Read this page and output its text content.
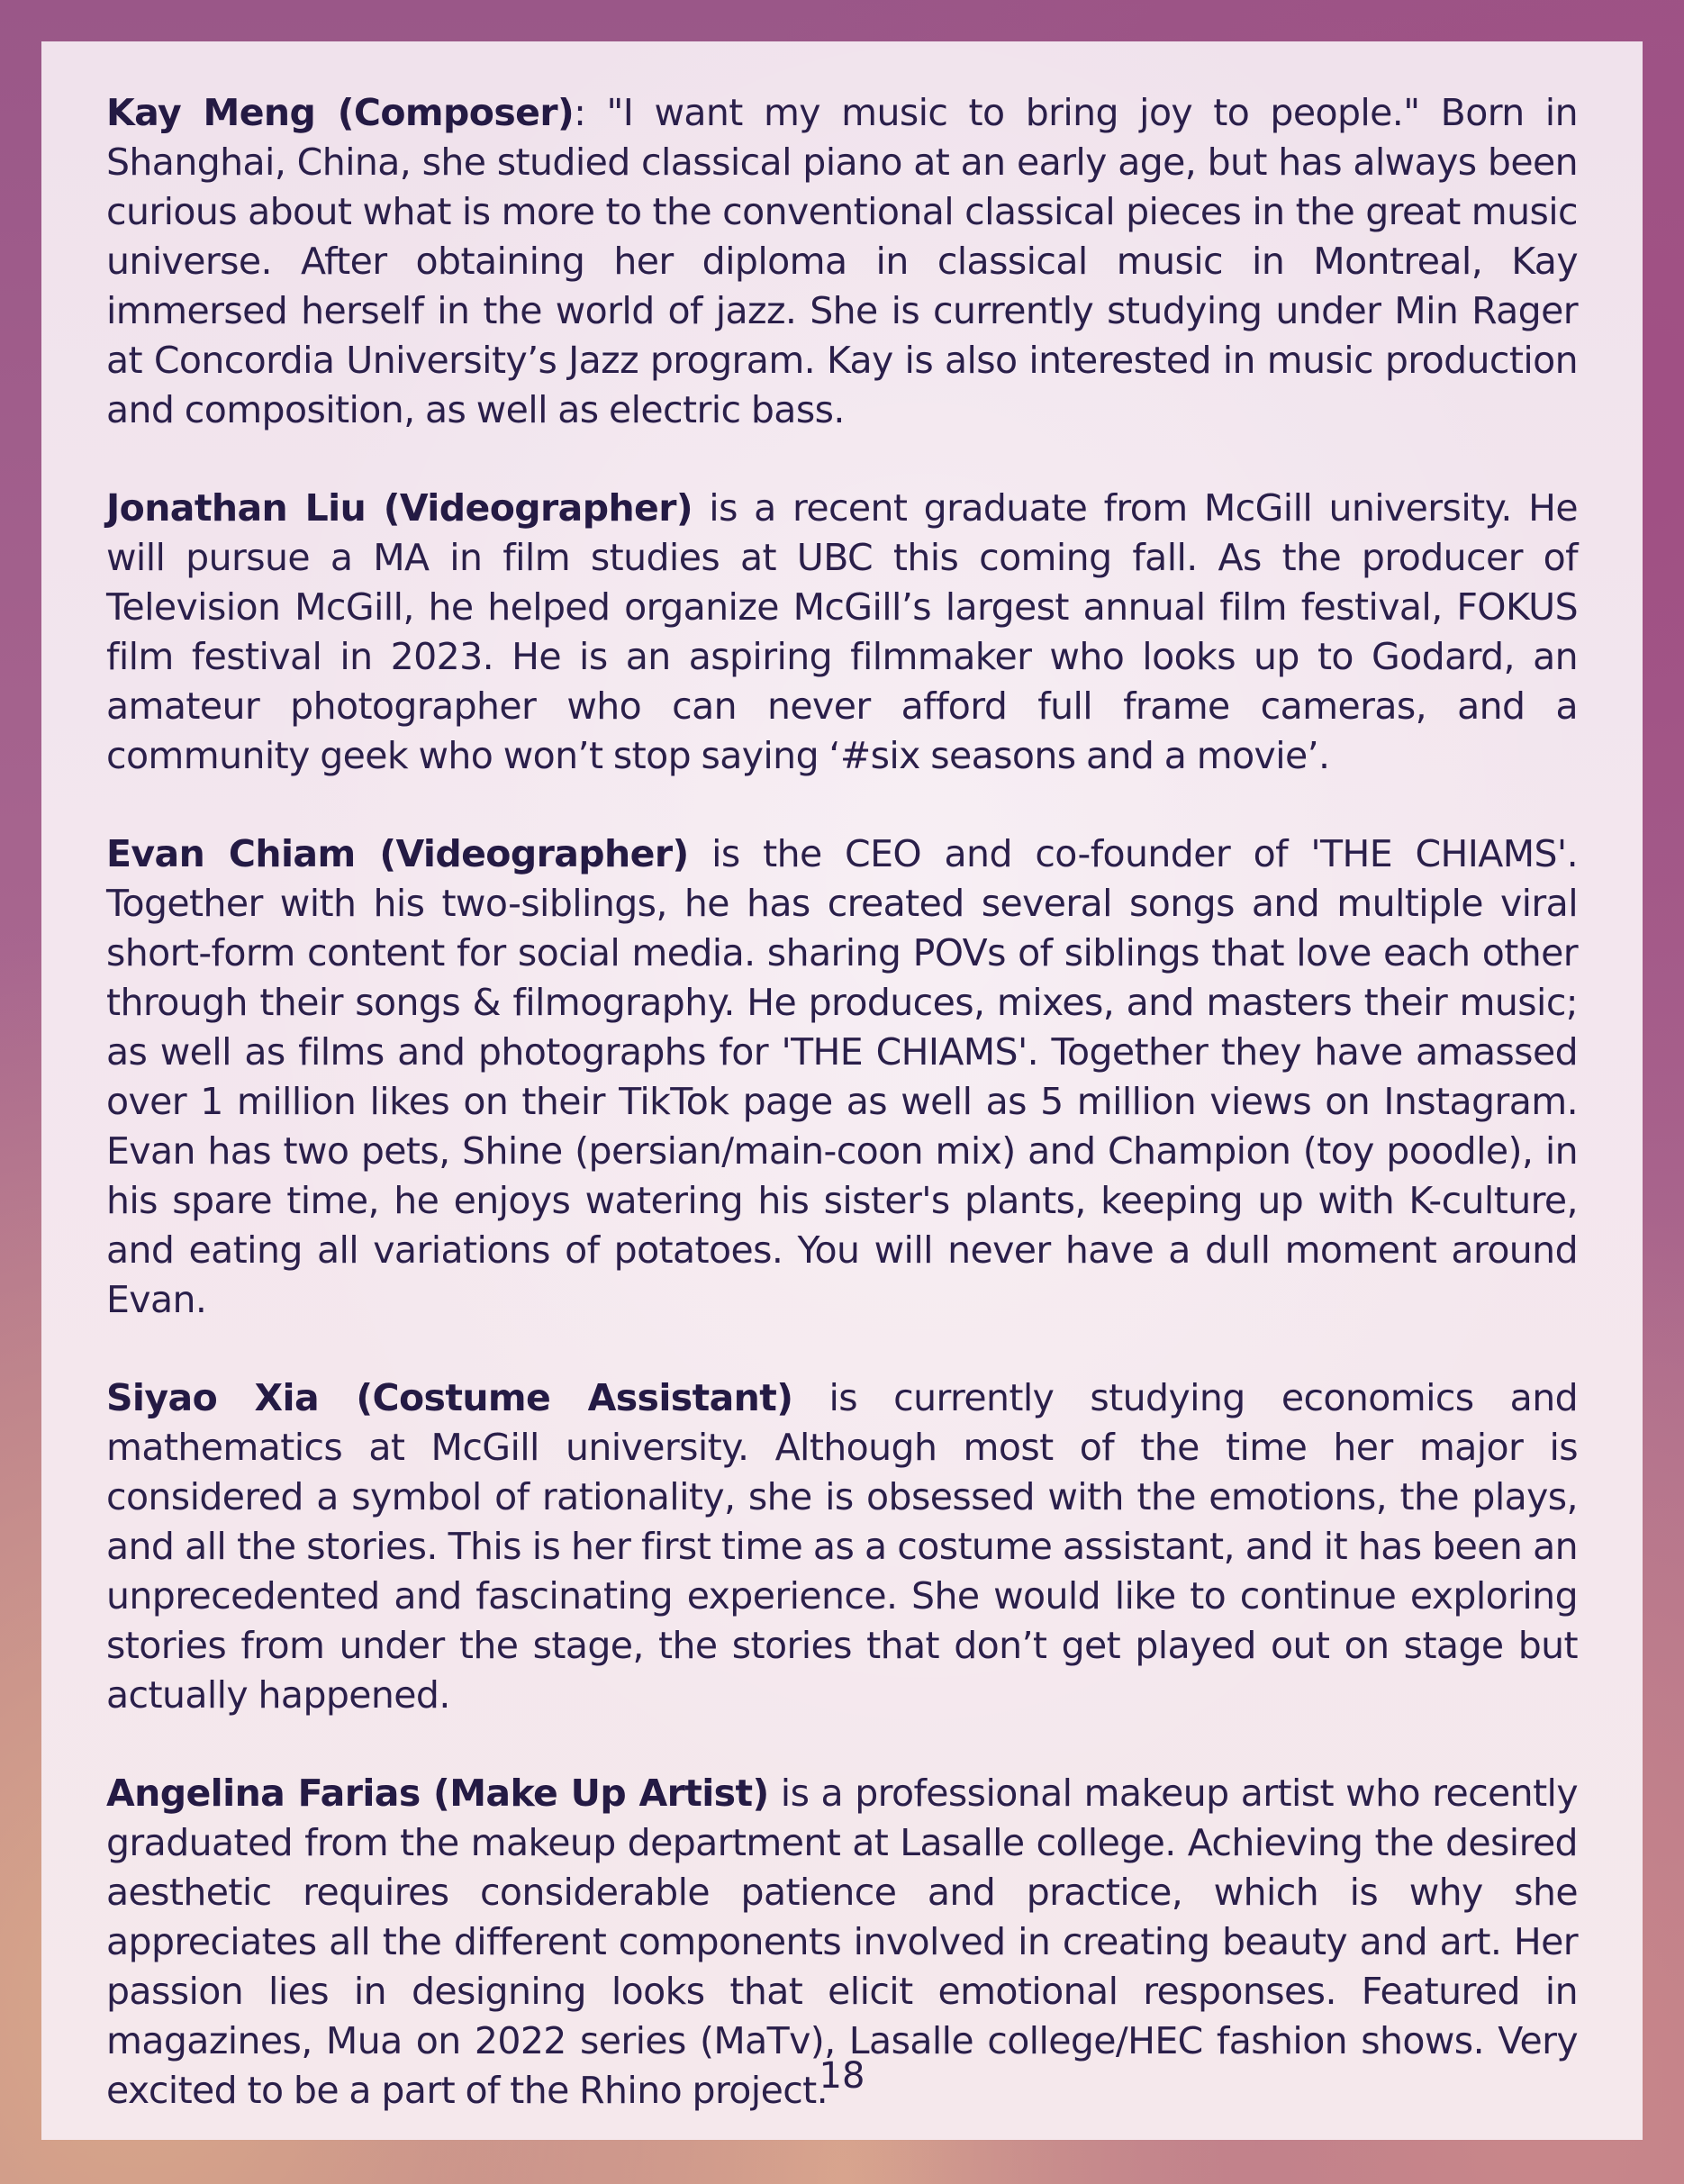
Kay Meng (Composer): "I want my music to bring joy to people." Born in Shanghai, China, she studied classical piano at an early age, but has always been curious about what is more to the conventional classical pieces in the great music universe. After obtaining her diploma in classical music in Montreal, Kay immersed herself in the world of jazz. She is currently studying under Min Rager at Concordia University’s Jazz program. Kay is also interested in music production and composition, as well as electric bass.

Jonathan Liu (Videographer) is a recent graduate from McGill university. He will pursue a MA in film studies at UBC this coming fall. As the producer of Television McGill, he helped organize McGill’s largest annual film festival, FOKUS film festival in 2023. He is an aspiring filmmaker who looks up to Godard, an amateur photographer who can never afford full frame cameras, and a community geek who won’t stop saying ‘#six seasons and a movie’.

Evan Chiam (Videographer) is the CEO and co-founder of 'THE CHIAMS'. Together with his two-siblings, he has created several songs and multiple viral short-form content for social media. sharing POVs of siblings that love each other through their songs & filmography. He produces, mixes, and masters their music; as well as films and photographs for 'THE CHIAMS'. Together they have amassed over 1 million likes on their TikTok page as well as 5 million views on Instagram. Evan has two pets, Shine (persian/main-coon mix) and Champion (toy poodle), in his spare time, he enjoys watering his sister's plants, keeping up with K-culture, and eating all variations of potatoes. You will never have a dull moment around Evan.

Siyao Xia (Costume Assistant) is currently studying economics and mathematics at McGill university. Although most of the time her major is considered a symbol of rationality, she is obsessed with the emotions, the plays, and all the stories. This is her first time as a costume assistant, and it has been an unprecedented and fascinating experience. She would like to continue exploring stories from under the stage, the stories that don’t get played out on stage but actually happened.

Angelina Farias (Make Up Artist) is a professional makeup artist who recently graduated from the makeup department at Lasalle college. Achieving the desired aesthetic requires considerable patience and practice, which is why she appreciates all the different components involved in creating beauty and art. Her passion lies in designing looks that elicit emotional responses. Featured in magazines, Mua on 2022 series (MaTv), Lasalle college/HEC fashion shows. Very excited to be a part of the Rhino project.

18
